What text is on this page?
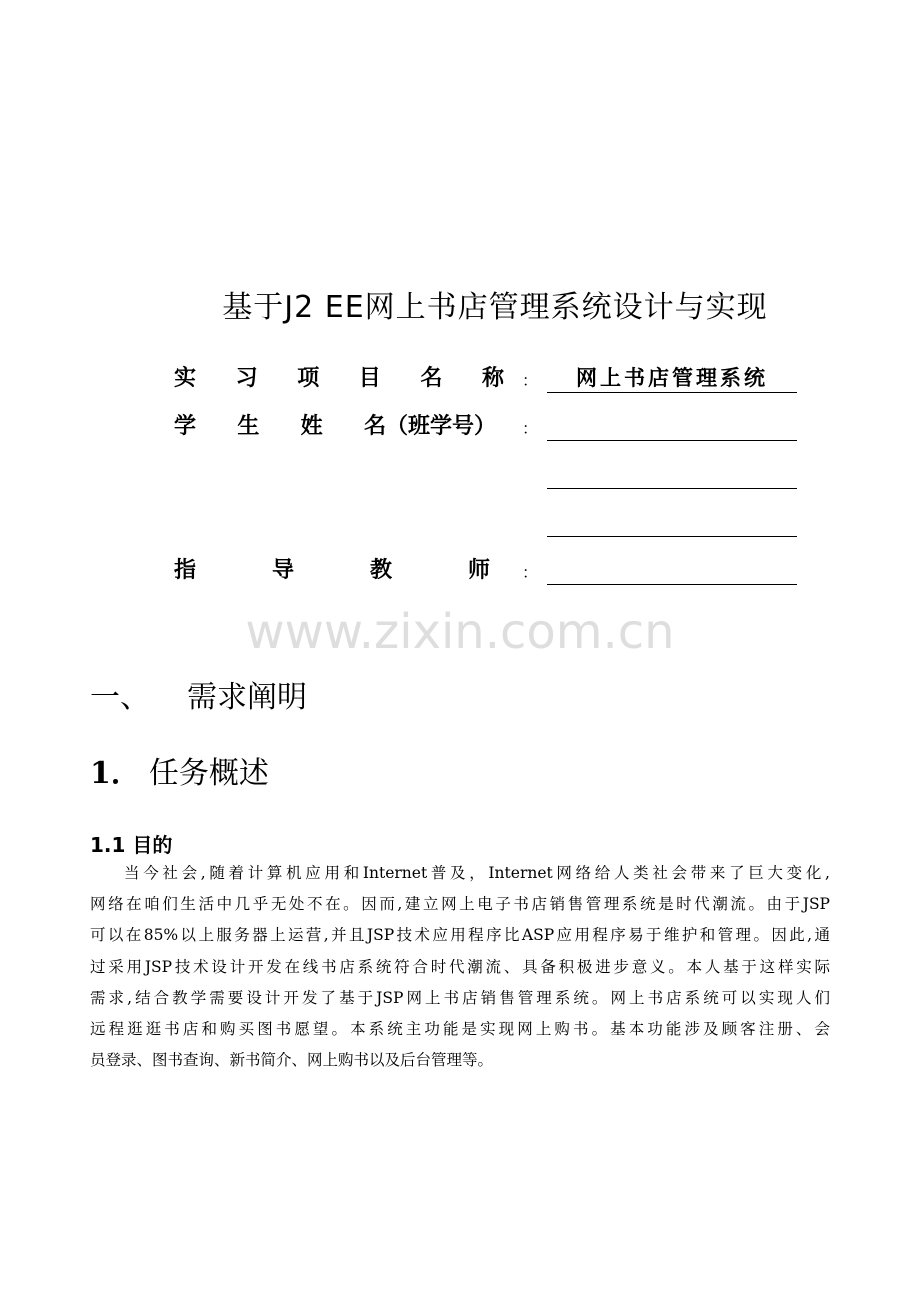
基于J2 EE网上书店管理系统设计与实现
实 习 项 目 名 称 ：	网上书店管理系统
学 生 姓 名（班学号） ：
指	导	教	师 ：
www.zixin.com.cn
一、 需求阐明
1． 任务概述
1.1 目的
当今社会,随着计算机应用和Internet普及，Internet网络给人类社会带来了巨大变化,
网络在咱们生活中几乎无处不在。因而,建立网上电子书店销售管理系统是时代潮流。由于JSP
可以在85%以上服务器上运营,并且JSP技术应用程序比ASP应用程序易于维护和管理。因此,通
过采用JSP技术设计开发在线书店系统符合时代潮流、具备积极进步意义。本人基于这样实际
需求,结合教学需要设计开发了基于JSP网上书店销售管理系统。网上书店系统可以实现人们
远程逛逛书店和购买图书愿望。本系统主功能是实现网上购书。基本功能涉及顾客注册、会
员登录、图书查询、新书简介、网上购书以及后台管理等。
